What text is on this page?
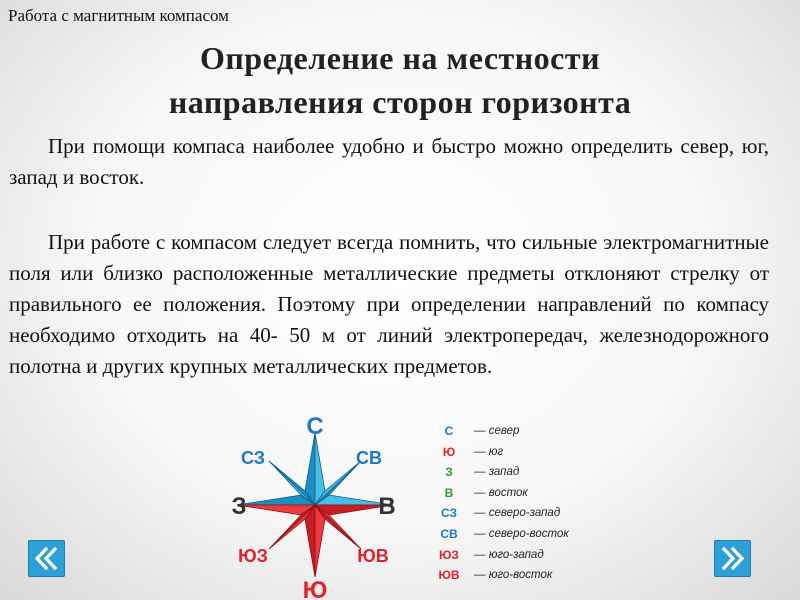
Работа с магнитным компасом
Определение на местности
направления сторон горизонта
При помощи компаса наиболее удобно и быстро можно определить север, юг, запад и восток.
При работе с компасом следует всегда помнить, что сильные электромагнитные поля или близко расположенные металлические предметы отклоняют стрелку от правильного ее положения. Поэтому при определении направлений по компасу необходимо отходить на 40- 50 м от линий электропередач, железнодорожного полотна и других крупных металлических предметов.
С
Ю
З	В
СЗ	СВ
ЮЗ	ЮВ
С	— север
Ю	— юг
З	— запад
В	— восток
СЗ	— северо-запад
СВ	— северо-восток
ЮЗ	— юго-запад
ЮВ	— юго-восток
